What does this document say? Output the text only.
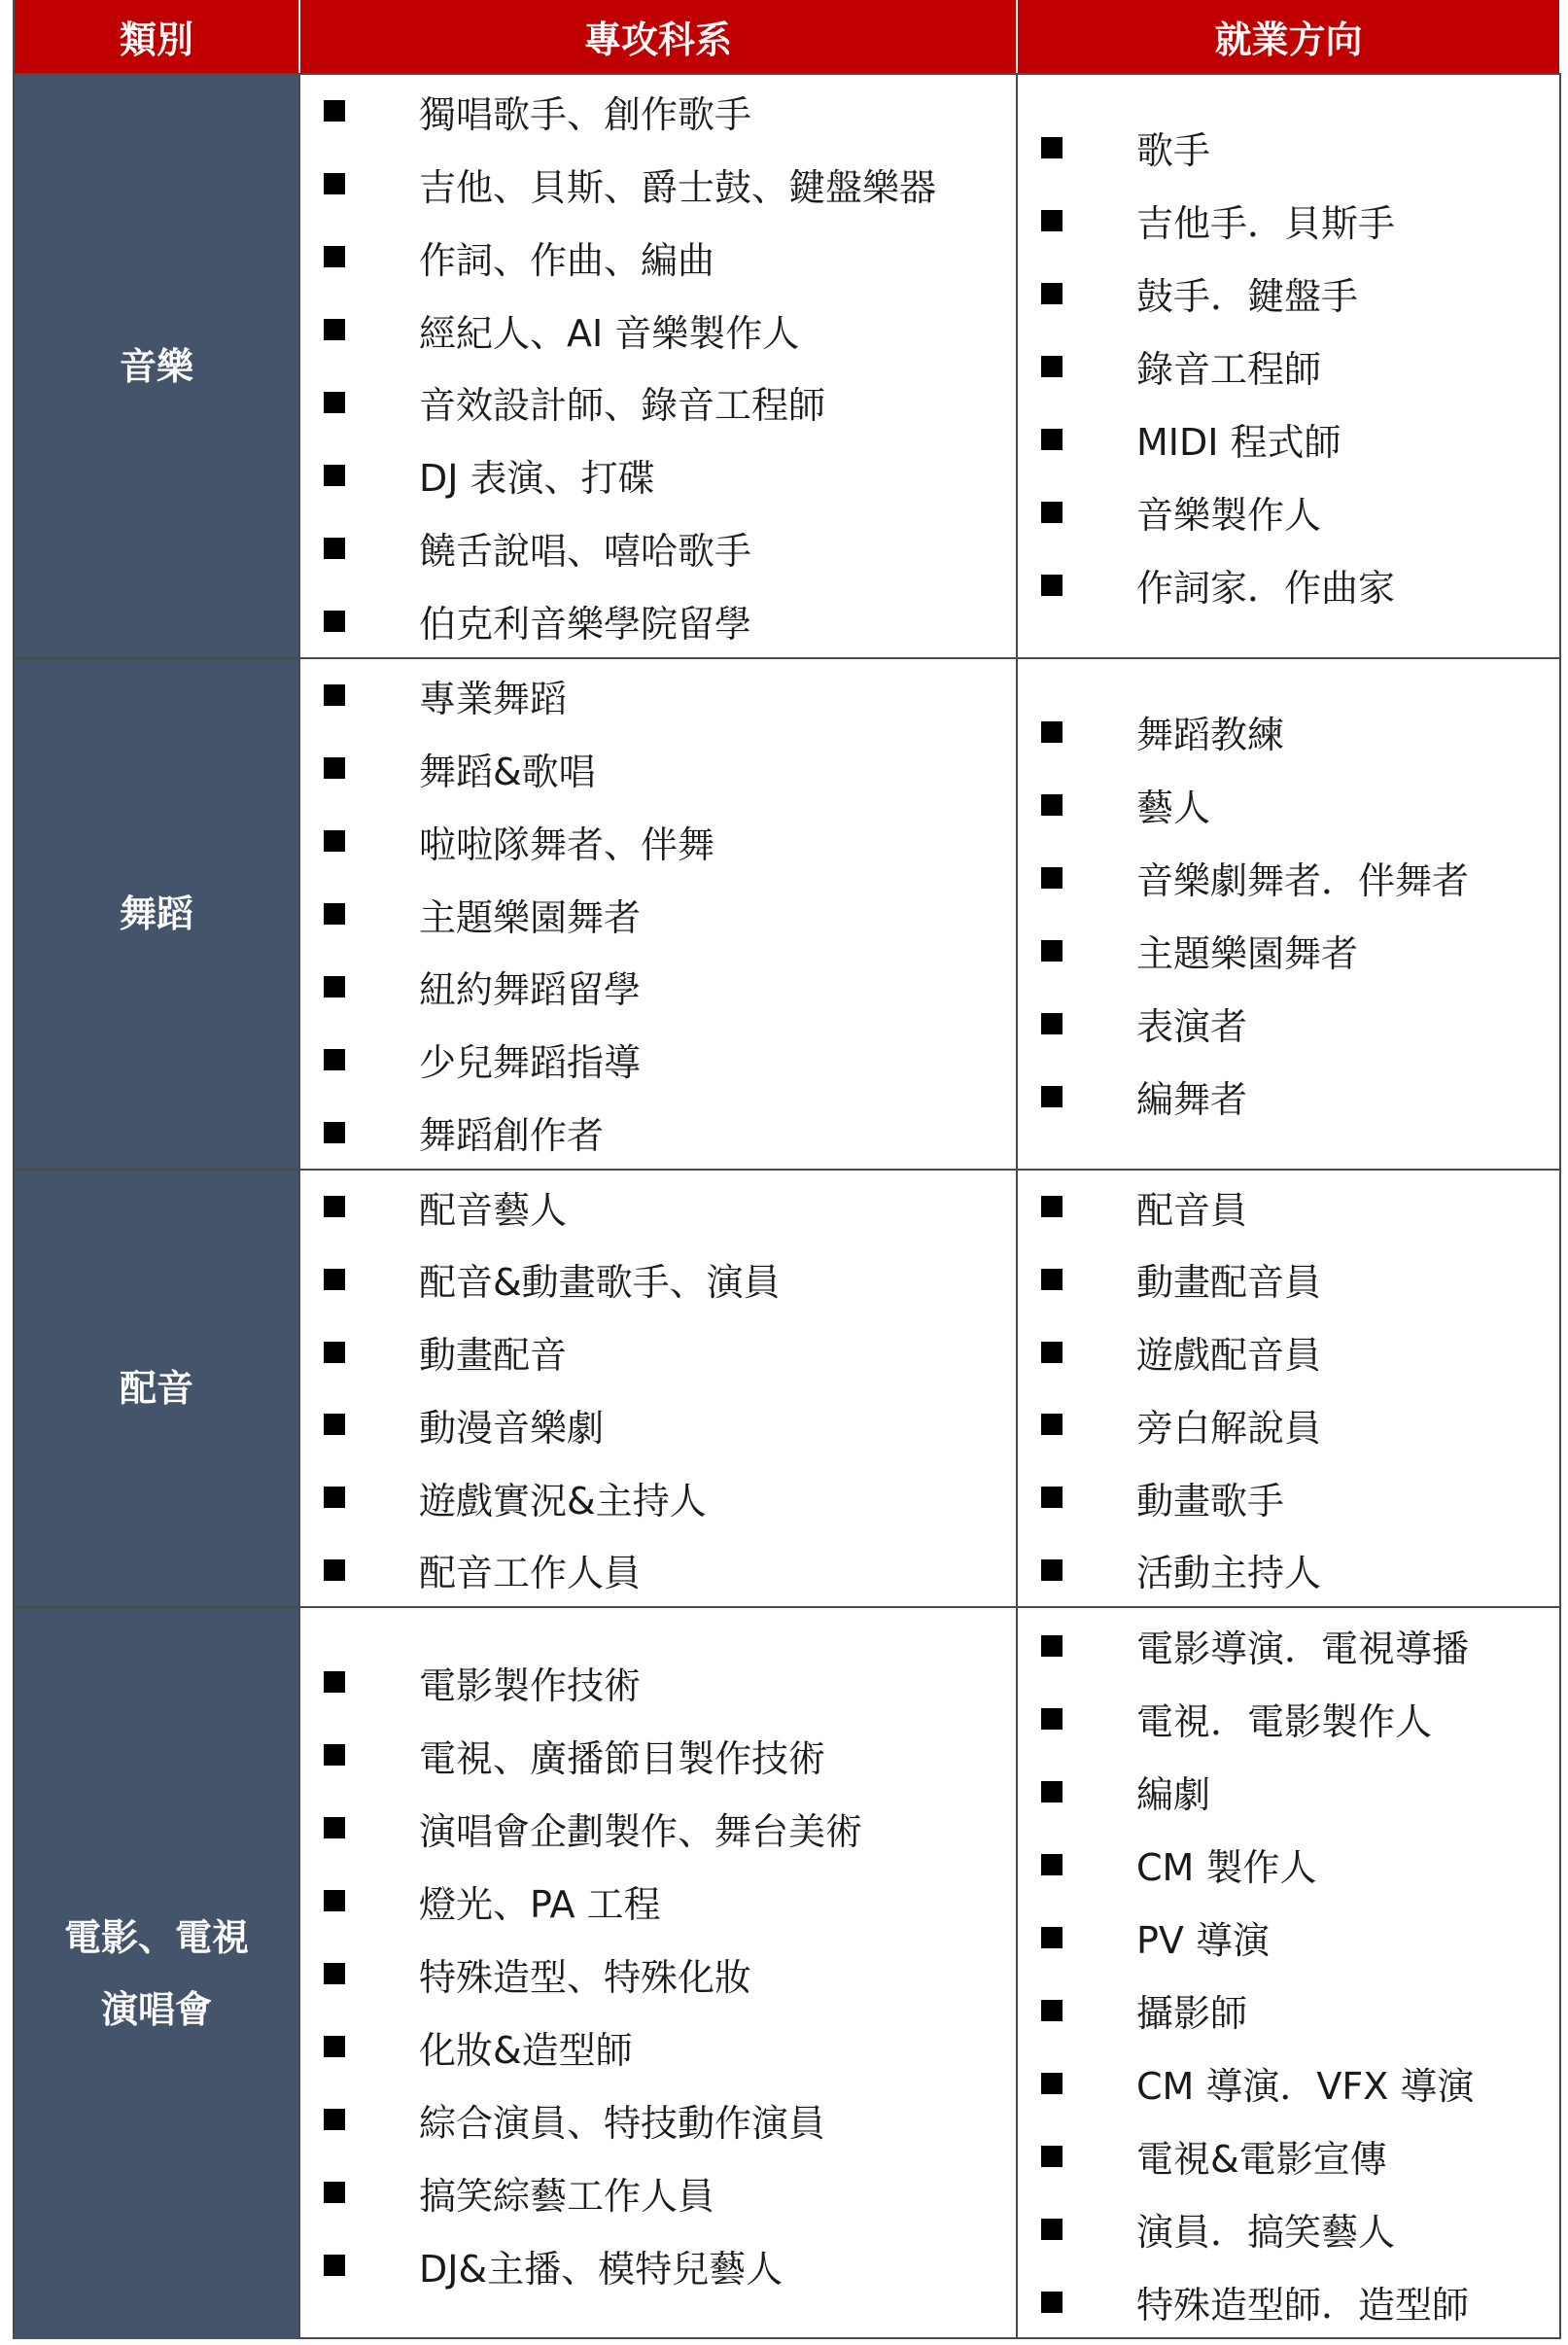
類別	專攻科系	就業方向
音樂
獨唱歌手、創作歌手
吉他、貝斯、爵士鼓、鍵盤樂器
作詞、作曲、編曲
經紀人、AI 音樂製作人
音效設計師、錄音工程師
DJ 表演、打碟
饒舌說唱、嘻哈歌手
伯克利音樂學院留學
歌手
吉他手．貝斯手
鼓手．鍵盤手
錄音工程師
MIDI 程式師
音樂製作人
作詞家．作曲家
舞蹈
專業舞蹈
舞蹈&歌唱
啦啦隊舞者、伴舞
主題樂園舞者
紐約舞蹈留學
少兒舞蹈指導
舞蹈創作者
舞蹈教練
藝人
音樂劇舞者．伴舞者
主題樂園舞者
表演者
編舞者
配音
配音藝人
配音&動畫歌手、演員
動畫配音
動漫音樂劇
遊戲實況&主持人
配音工作人員
配音員
動畫配音員
遊戲配音員
旁白解說員
動畫歌手
活動主持人
電影、電視
演唱會
電影製作技術
電視、廣播節目製作技術
演唱會企劃製作、舞台美術
燈光、PA 工程
特殊造型、特殊化妝
化妝&造型師
綜合演員、特技動作演員
搞笑綜藝工作人員
DJ&主播、模特兒藝人
電影導演．電視導播
電視．電影製作人
編劇
CM 製作人
PV 導演
攝影師
CM 導演．VFX 導演
電視&電影宣傳
演員．搞笑藝人
特殊造型師．造型師
